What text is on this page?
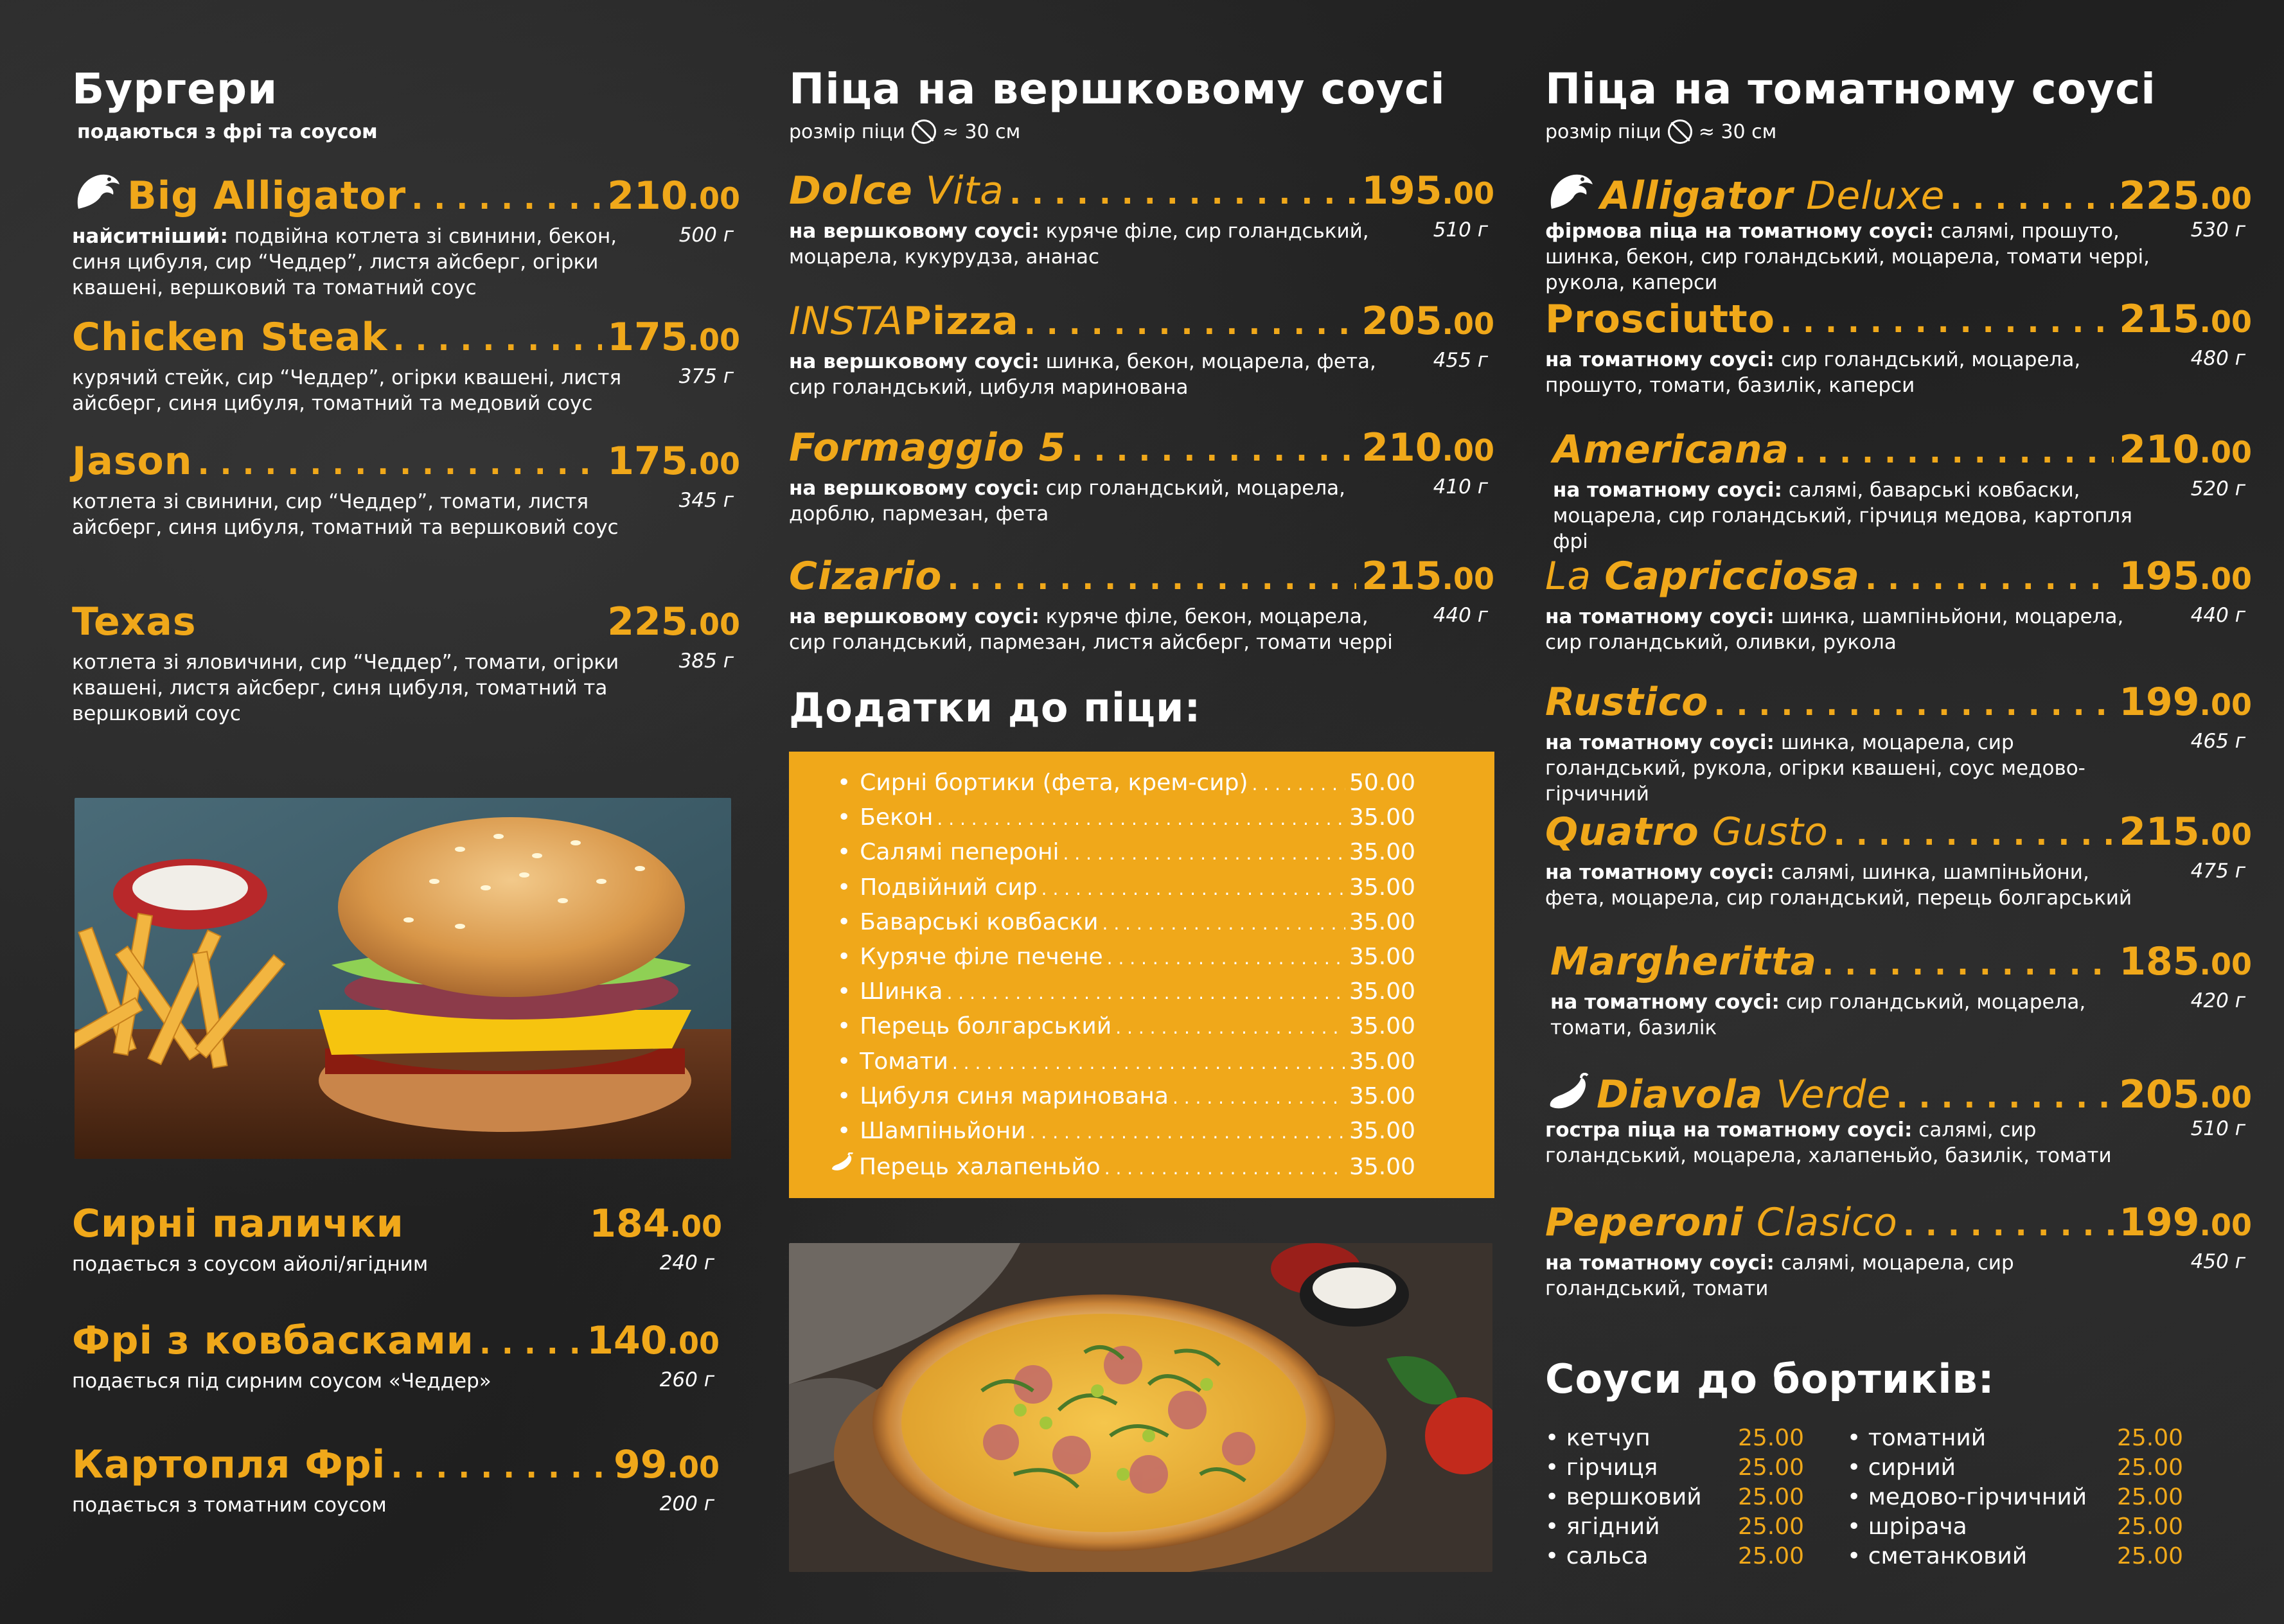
Бургери
подаються з фрі та соусом
Big Alligator . . .	210.00
найситніший: подвійна котлета зі свинини, бекон, синя цибуля, сир “Чеддер”, листя айсберг, огірки квашені, вершковий та томатний соус
500 г
Chicken Steak . . .	175.00
курячий стейк, сир “Чеддер”, огірки квашені, листя айсберг, синя цибуля, томатний та медовий соус
375 г
Jason . . .	175.00
котлета зі свинини, сир “Чеддер”, томати, листя айсберг, синя цибуля, томатний та вершковий соус
345 г
Texas	225.00
котлета зі яловичини, сир “Чеддер”, томати, огірки квашені, листя айсберг, синя цибуля, томатний та вершковий соус
385 г
Сирні палички	184.00
подається з соусом айолі/ягідним	240 г
Фрі з ковбасками . . .	140.00
подається під сирним соусом «Чеддер»	260 г
Картопля Фрі . . .	99.00
подається з томатним соусом	200 г
Піца на вершковому соусі
розмір піци ≈ 30 см
Dolce Vita . . .	195.00
на вершковому соусі: куряче філе, сир голандський, моцарела, кукурудза, ананас
510 г
INSTAPizza . . .	205.00
на вершковому соусі: шинка, бекон, моцарела, фета, сир голандський, цибуля маринована
455 г
Formaggio 5 . . .	210.00
на вершковому соусі: сир голандський, моцарела, дорблю, пармезан, фета
410 г
Cizario . . .	215.00
на вершковому соусі: куряче філе, бекон, моцарела, сир голандський, пармезан, листя айсберг, томати черрі
440 г
Додатки до піци:
• Сирні бортики (фета, крем-сир) . . .	50.00
• Бекон . . .	35.00
• Салямі пепероні . . .	35.00
• Подвійний сир . . .	35.00
• Баварські ковбаски . . .	35.00
• Куряче філе печене . . .	35.00
• Шинка . . .	35.00
• Перець болгарський . . .	35.00
• Томати . . .	35.00
• Цибуля синя маринована . . .	35.00
• Шампіньйони . . .	35.00
Перець халапеньйо . . .	35.00
Піца на томатному соусі
розмір піци ≈ 30 см
Alligator Deluxe . . .	225.00
фірмова піца на томатному соусі: салямі, прошуто, шинка, бекон, сир голандський, моцарела, томати черрі, рукола, каперси
530 г
Prosciutto . . .	215.00
на томатному соусі: сир голандський, моцарела, прошуто, томати, базилік, каперси
480 г
Americana . . .	210.00
на томатному соусі: салямі, баварські ковбаски, моцарела, сир голандський, гірчиця медова, картопля фрі
520 г
La Capricciosa . . .	195.00
на томатному соусі: шинка, шампіньйони, моцарела, сир голандський, оливки, рукола
440 г
Rustico . . .	199.00
на томатному соусі: шинка, моцарела, сир голандський, рукола, огірки квашені, соус медово-гірчичний
465 г
Quatro Gusto . . .	215.00
на томатному соусі: салямі, шинка, шампіньйони, фета, моцарела, сир голандський, перець болгарський
475 г
Margheritta . . .	185.00
на томатному соусі: сир голандський, моцарела, томати, базилік
420 г
Diavola Verde . . .	205.00
гостра піца на томатному соусі: салямі, сир голандський, моцарела, халапеньйо, базилік, томати
510 г
Peperoni Clasico . . .	199.00
на томатному соусі: салямі, моцарела, сир голандський, томати
450 г
Соуси до бортиків:
• кетчуп	25.00
• гірчиця	25.00
• вершковий	25.00
• ягідний	25.00
• сальса	25.00
• томатний	25.00
• сирний	25.00
• медово-гірчичний	25.00
• шрірача	25.00
• сметанковий	25.00
